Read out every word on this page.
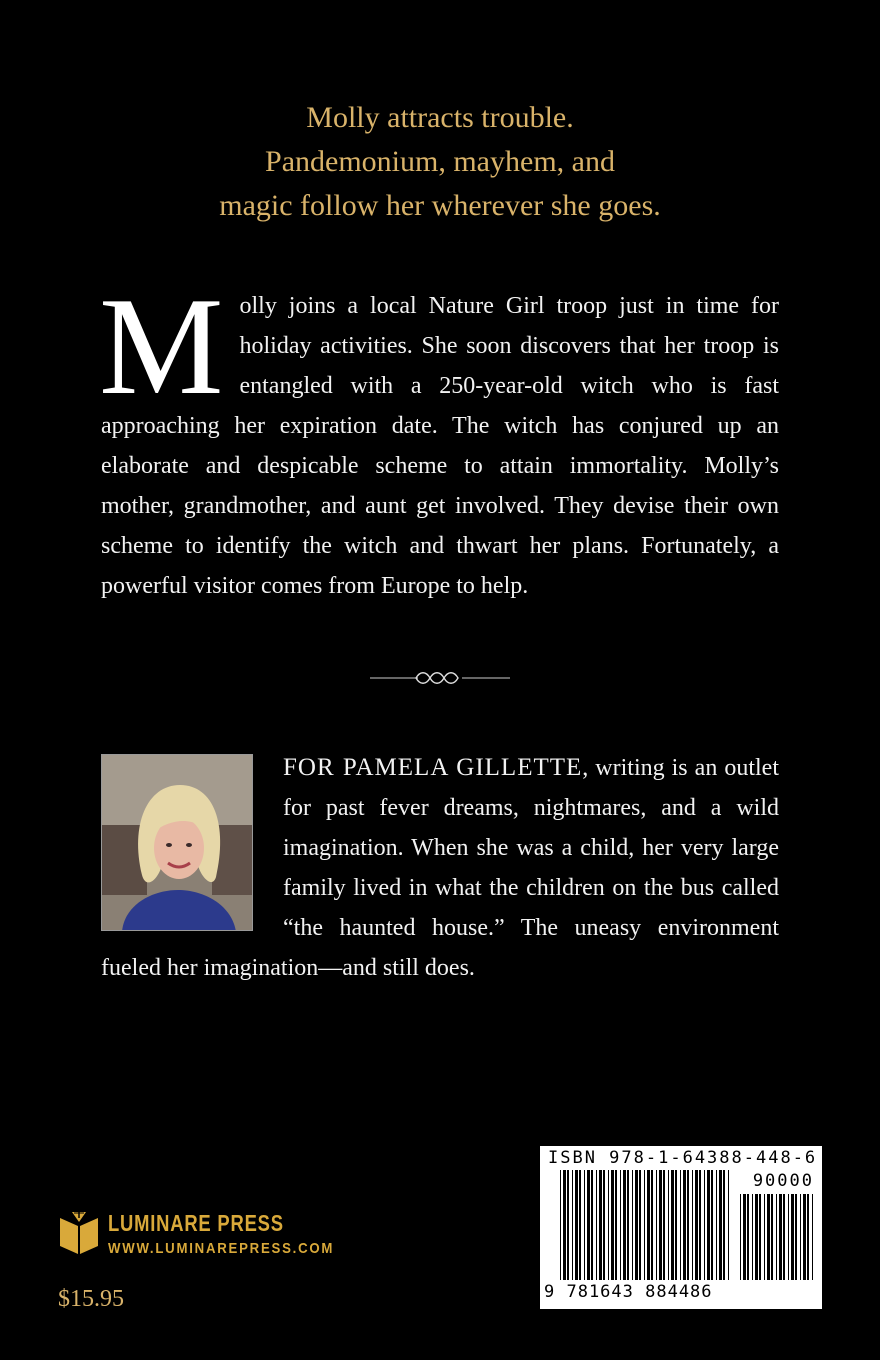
Molly attracts trouble.
Pandemonium, mayhem, and
magic follow her wherever she goes.
Molly joins a local Nature Girl troop just in time for holiday activities. She soon discovers that her troop is entangled with a 250-year-old witch who is fast approaching her expiration date. The witch has conjured up an elaborate and despicable scheme to attain immortality. Molly’s mother, grandmother, and aunt get involved. They devise their own scheme to identify the witch and thwart her plans. Fortunately, a powerful visitor comes from Europe to help.
FOR PAMELA GILLETTE, writing is an outlet for past fever dreams, nightmares, and a wild imagination. When she was a child, her very large family lived in what the children on the bus called “the haunted house.” The uneasy environment fueled her imagination—and still does.
LUMINARE PRESS
WWW.LUMINAREPRESS.COM
$15.95
ISBN 978-1-64388-448-6
90000
9 781643 884486
